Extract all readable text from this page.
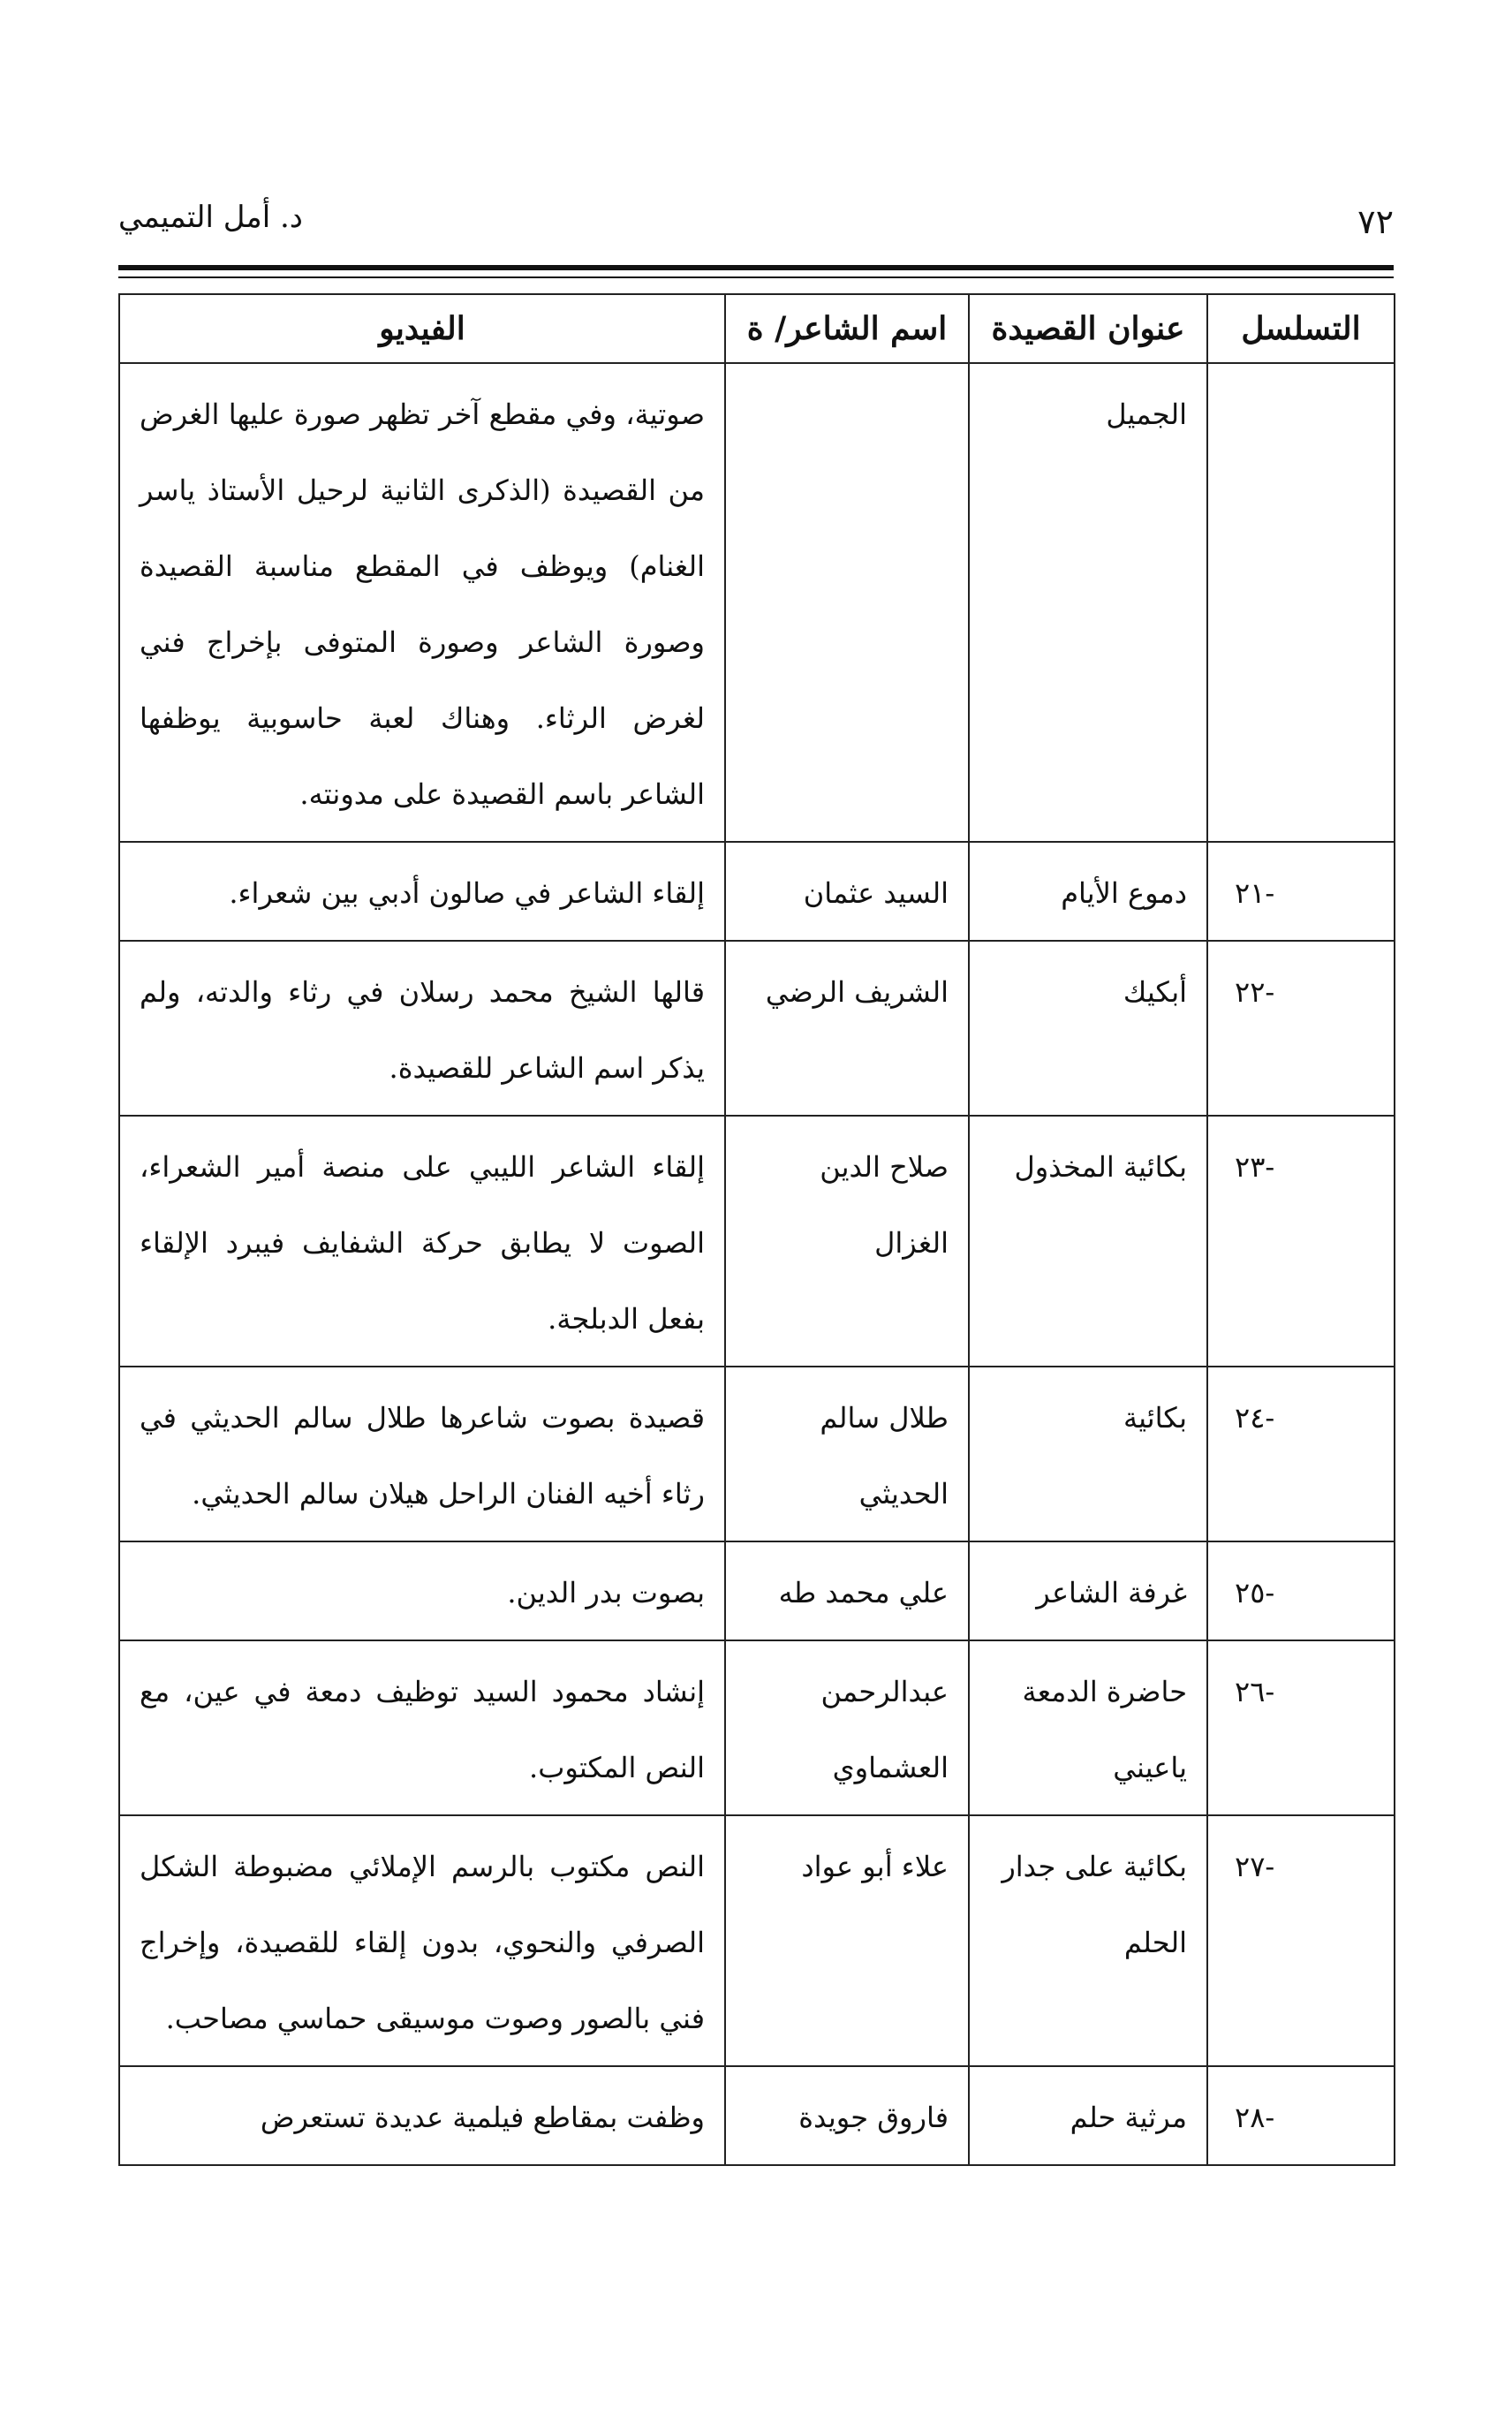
٧٢
د. أمل التميمي
التسلسل	عنوان القصيدة	اسم الشاعر/ ة	الفيديو
	الجميل		صوتية، وفي مقطع آخر تظهر صورة عليها الغرض من القصيدة (الذكرى الثانية لرحيل الأستاذ ياسر الغنام) ويوظف في المقطع مناسبة القصيدة وصورة الشاعر وصورة المتوفى بإخراج فني لغرض الرثاء. وهناك لعبة حاسوبية يوظفها الشاعر باسم القصيدة على مدونته.
٢١-	دموع الأيام	السيد عثمان	إلقاء الشاعر في صالون أدبي بين شعراء.
٢٢-	أبكيك	الشريف الرضي	قالها الشيخ محمد رسلان في رثاء والدته، ولم يذكر اسم الشاعر للقصيدة.
٢٣-	بكائية المخذول	صلاح الدين الغزال	إلقاء الشاعر الليبي على منصة أمير الشعراء، الصوت لا يطابق حركة الشفايف فيبرد الإلقاء بفعل الدبلجة.
٢٤-	بكائية	طلال سالم الحديثي	قصيدة بصوت شاعرها طلال سالم الحديثي في رثاء أخيه الفنان الراحل هيلان سالم الحديثي.
٢٥-	غرفة الشاعر	علي محمد طه	بصوت بدر الدين.
٢٦-	حاضرة الدمعة ياعيني	عبدالرحمن العشماوي	إنشاد محمود السيد توظيف دمعة في عين، مع النص المكتوب.
٢٧-	بكائية على جدار الحلم	علاء أبو عواد	النص مكتوب بالرسم الإملائي مضبوطة الشكل الصرفي والنحوي، بدون إلقاء للقصيدة، وإخراج فني بالصور وصوت موسيقى حماسي مصاحب.
٢٨-	مرثية حلم	فاروق جويدة	وظفت بمقاطع فيلمية عديدة تستعرض
